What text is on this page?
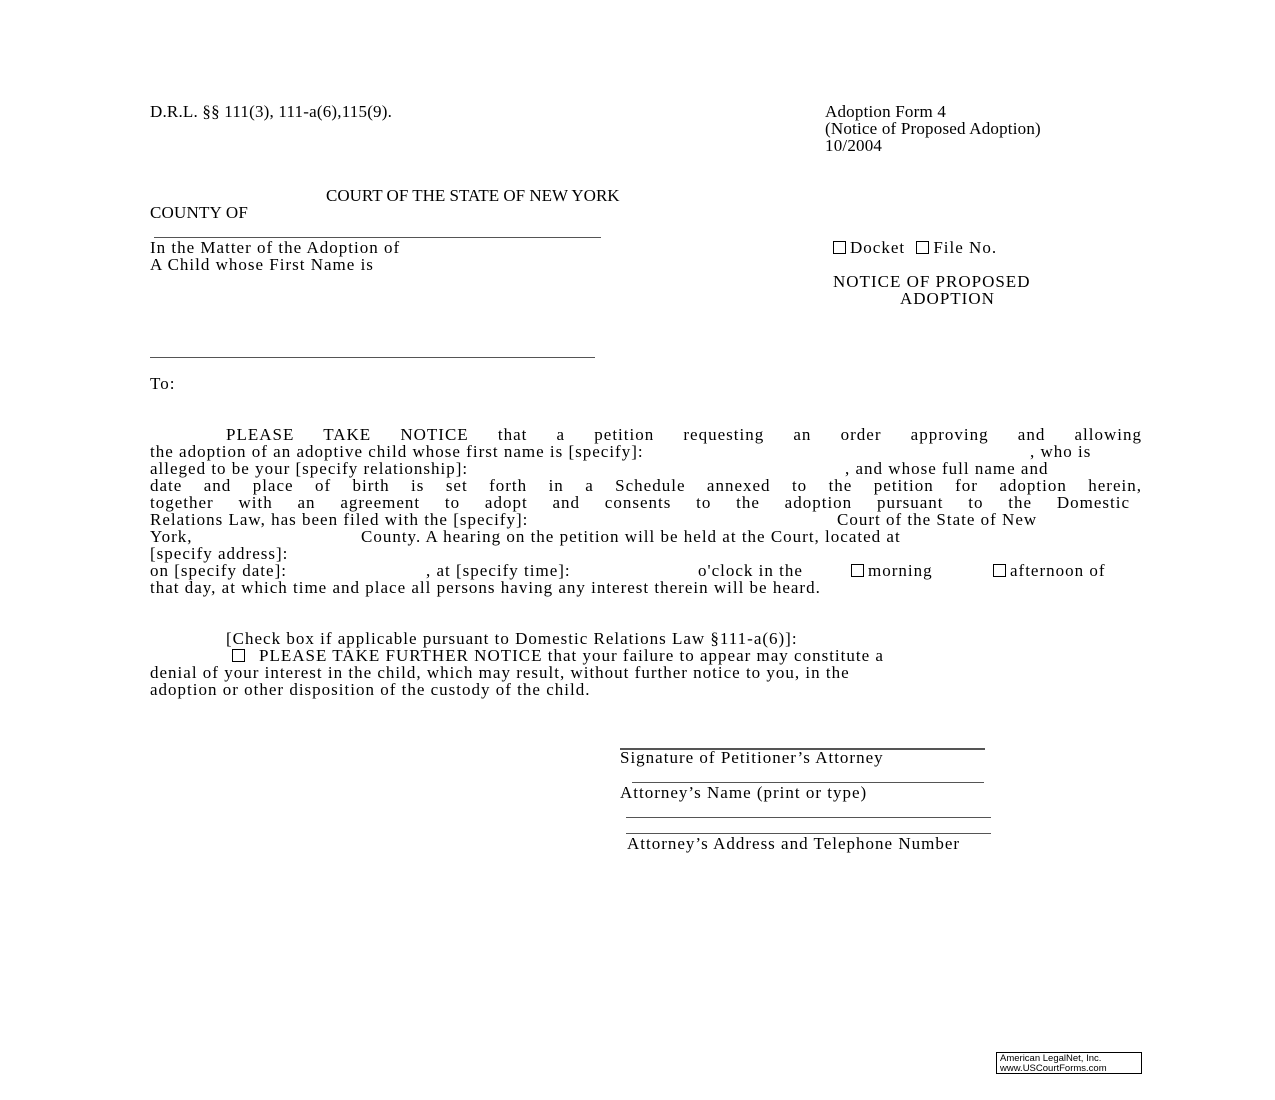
D.R.L. §§ 111(3), 111-a(6),115(9).	Adoption Form 4
(Notice of Proposed Adoption)
10/2004
COURT OF THE STATE OF NEW YORK
COUNTY OF
In the Matter of the Adoption of
A Child whose First Name is
Docket File No.
NOTICE OF PROPOSED
ADOPTION
To:
PLEASE TAKE NOTICE that a petition requesting an order approving and allowing
the adoption of an adoptive child whose first name is [specify]:	, who is
alleged to be your [specify relationship]:	, and whose full name and
date and place of birth is set forth in a Schedule annexed to the petition for adoption herein,
together with an agreement to adopt and consents to the adoption pursuant to the Domestic
Relations Law, has been filed with the [specify]:	Court of the State of New
York,	County. A hearing on the petition will be held at the Court, located at
[specify address]:
on [specify date]:	, at [specify time]:	o'clock in the	morning	afternoon of
that day, at which time and place all persons having any interest therein will be heard.
[Check box if applicable pursuant to Domestic Relations Law §111-a(6)]:
PLEASE TAKE FURTHER NOTICE that your failure to appear may constitute a
denial of your interest in the child, which may result, without further notice to you, in the
adoption or other disposition of the custody of the child.
Signature of Petitioner’s Attorney
Attorney’s Name (print or type)
Attorney’s Address and Telephone Number
American LegalNet, Inc.
www.USCourtForms.com
